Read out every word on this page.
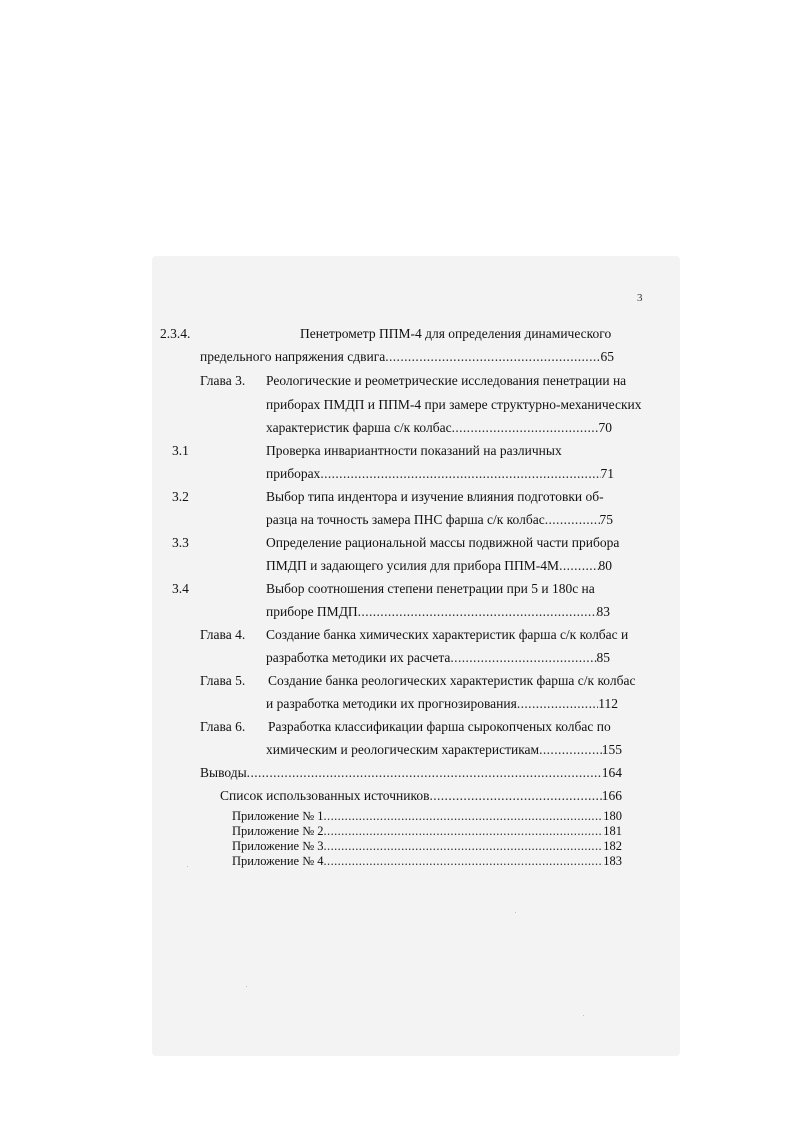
3
2.3.4.	Пенетрометр ППМ-4 для определения динамического
предельного напряжения сдвига .....	65
Глава 3. Реологические и реометрические исследования пенетрации на
приборах ПМДП и ППМ-4 при замере структурно-механических
характеристик фарша с/к колбас .....	70
3.1	Проверка инвариантности показаний на различных
приборах .....	71
3.2	Выбор типа индентора и изучение влияния подготовки об-
разца на точность замера ПНС фарша с/к колбас .....	75
3.3	Определение рациональной массы подвижной части прибора
ПМДП и задающего усилия для прибора ППМ-4М .....	80
3.4	Выбор соотношения степени пенетрации при 5 и 180с на
приборе ПМДП .....	83
Глава 4. Создание банка химических характеристик фарша с/к колбас и
разработка методики их расчета .....	85
Глава 5. Создание банка реологических характеристик фарша с/к колбас
и разработка методики их прогнозирования .....	112
Глава 6. Разработка классификации фарша сырокопченых колбас по
химическим и реологическим характеристикам .....	155
Выводы .....	164
Список использованных источников .....	166
Приложение № 1 .....	180
Приложение № 2 .....	181
Приложение № 3 .....	182
Приложение № 4 .....	183
